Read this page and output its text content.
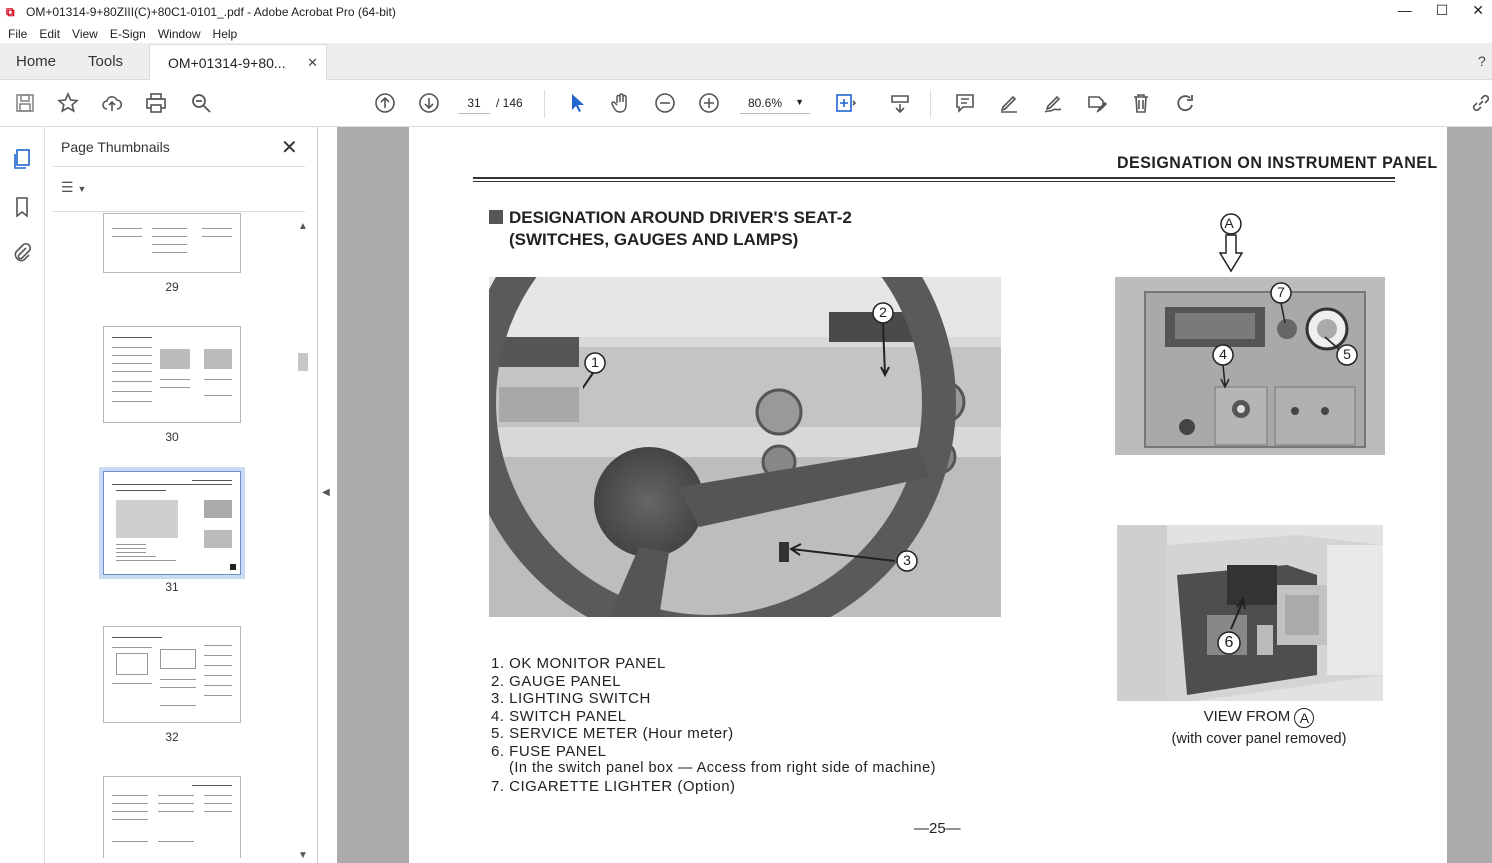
⧉ OM+01314-9+80ZIII(C)+80C1-0101_.pdf - Adobe Acrobat Pro (64-bit)	— ☐ ✕
File Edit View E-Sign Window Help
Home	Tools	OM+01314-9+80... ✕	?
31	/ 146	80.6% ▼
Page Thumbnails	✕
☰ ▼
29
30
31
32
▲
▼
◀
DESIGNATION ON INSTRUMENT PANEL
DESIGNATION AROUND DRIVER'S SEAT-2
(SWITCHES, GAUGES AND LAMPS)
1
2
3
A
7
4	5
6
1. OK MONITOR PANEL
2. GAUGE PANEL
3. LIGHTING SWITCH
4. SWITCH PANEL
5. SERVICE METER (Hour meter)
6. FUSE PANEL
(In the switch panel box — Access from right side of machine)
7. CIGARETTE LIGHTER (Option)
VIEW FROM A
(with cover panel removed)
—25—
